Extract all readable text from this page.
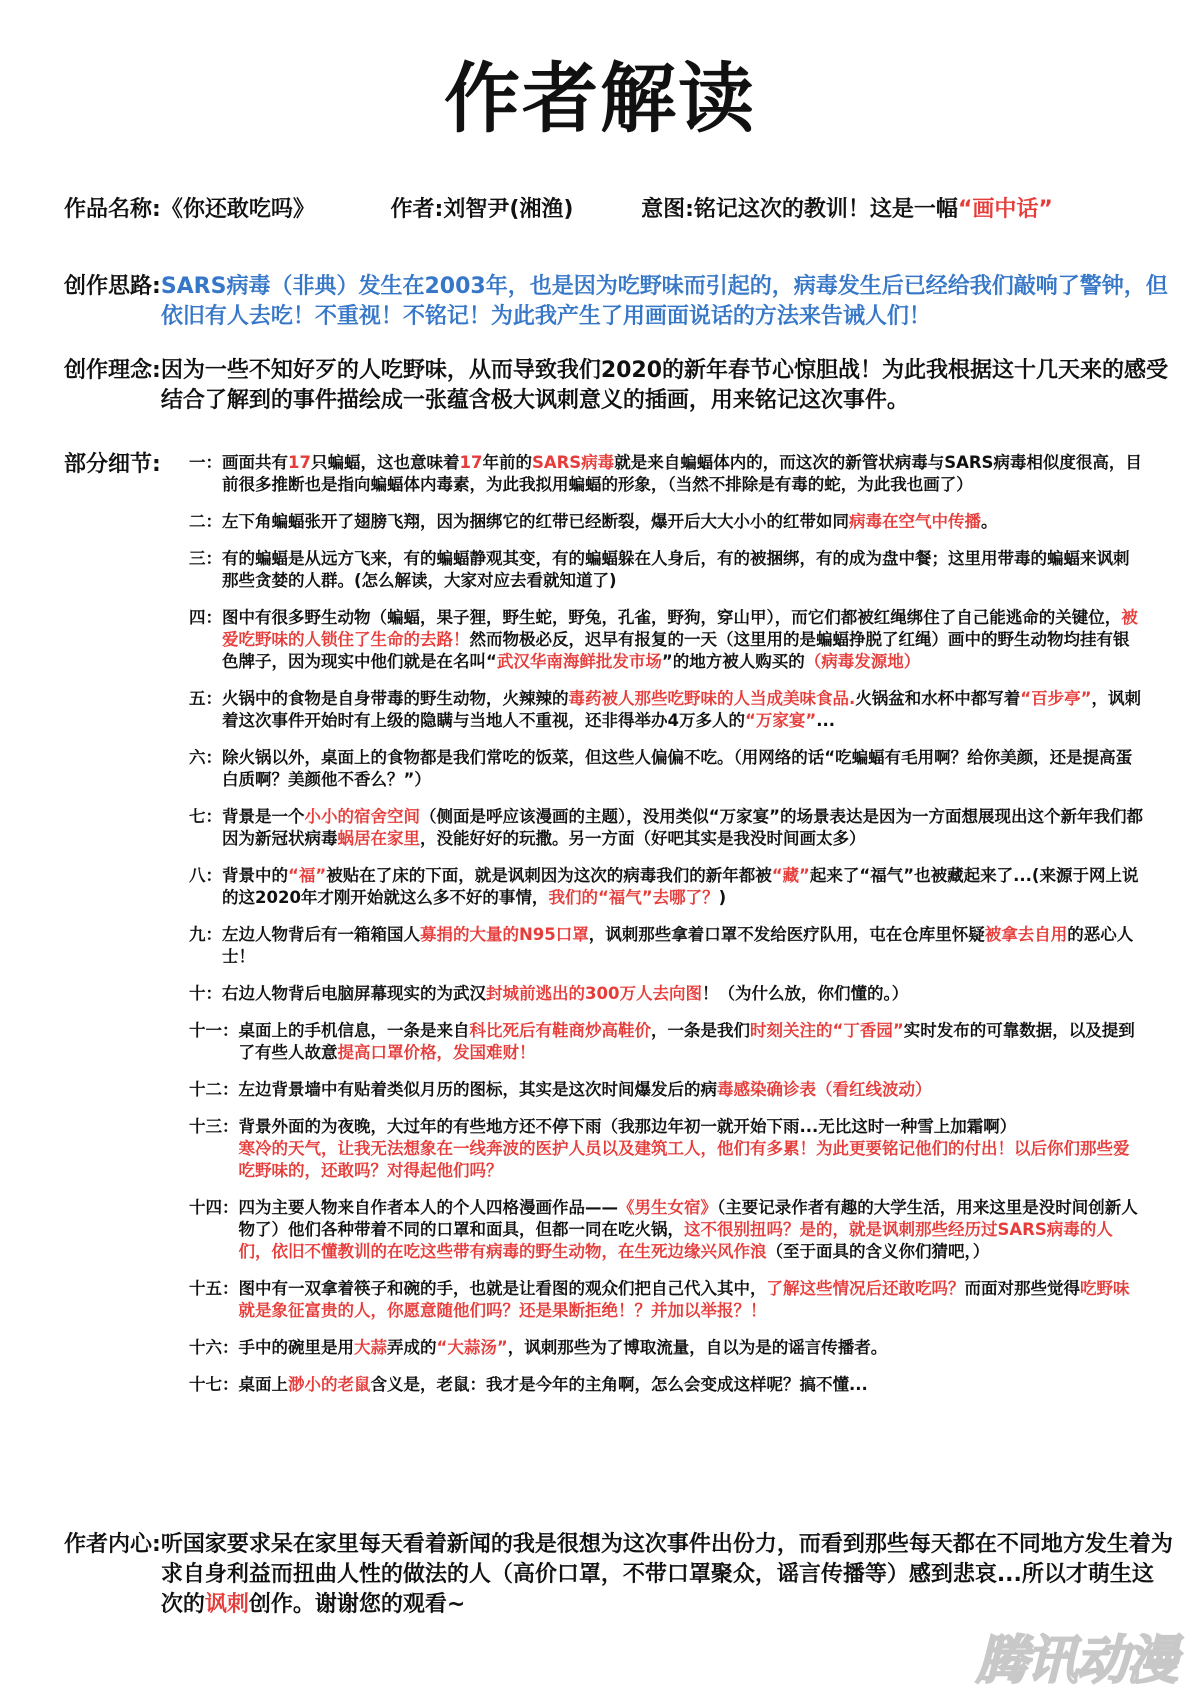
作者解读
作品名称:《你还敢吃吗》	作者:刘智尹(湘渔)	意图:铭记这次的教训！这是一幅“画中话”
创作思路: SARS病毒（非典）发生在2003年，也是因为吃野味而引起的，病毒发生后已经给我们敲响了警钟，但依旧有人去吃！不重视！不铭记！为此我产生了用画面说话的方法来告诫人们！
创作理念: 因为一些不知好歹的人吃野味，从而导致我们2020的新年春节心惊胆战！为此我根据这十几天来的感受结合了解到的事件描绘成一张蕴含极大讽刺意义的插画，用来铭记这次事件。
部分细节:	一： 画面共有17只蝙蝠，这也意味着17年前的SARS病毒就是来自蝙蝠体内的，而这次的新管状病毒与SARS病毒相似度很高，目前很多推断也是指向蝙蝠体内毒素，为此我拟用蝙蝠的形象，（当然不排除是有毒的蛇，为此我也画了）
二： 左下角蝙蝠张开了翅膀飞翔，因为捆绑它的红带已经断裂，爆开后大大小小的红带如同病毒在空气中传播。
三： 有的蝙蝠是从远方飞来，有的蝙蝠静观其变，有的蝙蝠躲在人身后，有的被捆绑，有的成为盘中餐；这里用带毒的蝙蝠来讽刺那些贪婪的人群。(怎么解读，大家对应去看就知道了)
四： 图中有很多野生动物（蝙蝠，果子狸，野生蛇，野兔，孔雀，野狗，穿山甲），而它们都被红绳绑住了自己能逃命的关键位，被爱吃野味的人锁住了生命的去路！然而物极必反，迟早有报复的一天（这里用的是蝙蝠挣脱了红绳）画中的野生动物均挂有银色牌子，因为现实中他们就是在名叫“武汉华南海鲜批发市场”的地方被人购买的（病毒发源地）
五： 火锅中的食物是自身带毒的野生动物，火辣辣的毒药被人那些吃野味的人当成美味食品.火锅盆和水杯中都写着“百步亭”，讽刺着这次事件开始时有上级的隐瞒与当地人不重视，还非得举办4万多人的“万家宴”...
六： 除火锅以外，桌面上的食物都是我们常吃的饭菜，但这些人偏偏不吃。（用网络的话“吃蝙蝠有毛用啊？给你美颜，还是提高蛋白质啊？美颜他不香么？”）
七： 背景是一个小小的宿舍空间（侧面是呼应该漫画的主题），没用类似“万家宴”的场景表达是因为一方面想展现出这个新年我们都因为新冠状病毒蜗居在家里，没能好好的玩撒。另一方面（好吧其实是我没时间画太多）
八： 背景中的“福”被贴在了床的下面，就是讽刺因为这次的病毒我们的新年都被“藏”起来了“福气”也被藏起来了...(来源于网上说的这2020年才刚开始就这么多不好的事情，我们的“福气”去哪了？)
九： 左边人物背后有一箱箱国人募捐的大量的N95口罩，讽刺那些拿着口罩不发给医疗队用，屯在仓库里怀疑被拿去自用的恶心人士！
十： 右边人物背后电脑屏幕现实的为武汉封城前逃出的300万人去向图！（为什么放，你们懂的。）
十一： 桌面上的手机信息，一条是来自科比死后有鞋商炒高鞋价，一条是我们时刻关注的“丁香园”实时发布的可靠数据，以及提到了有些人故意提高口罩价格，发国难财！
十二： 左边背景墙中有贴着类似月历的图标，其实是这次时间爆发后的病毒感染确诊表（看红线波动）
十三： 背景外面的为夜晚，大过年的有些地方还不停下雨（我那边年初一就开始下雨...无比这时一种雪上加霜啊）
寒冷的天气，让我无法想象在一线奔波的医护人员以及建筑工人，他们有多累！为此更要铭记他们的付出！以后你们那些爱吃野味的，还敢吗？对得起他们吗？
十四： 四为主要人物来自作者本人的个人四格漫画作品——《男生女宿》（主要记录作者有趣的大学生活，用来这里是没时间创新人物了）他们各种带着不同的口罩和面具，但都一同在吃火锅，这不很别扭吗？是的，就是讽刺那些经历过SARS病毒的人们，依旧不懂教训的在吃这些带有病毒的野生动物，在生死边缘兴风作浪（至于面具的含义你们猜吧，）
十五： 图中有一双拿着筷子和碗的手，也就是让看图的观众们把自己代入其中，了解这些情况后还敢吃吗？而面对那些觉得吃野味就是象征富贵的人，你愿意随他们吗？还是果断拒绝！？并加以举报？！
十六： 手中的碗里是用大蒜弄成的“大蒜汤”，讽刺那些为了博取流量，自以为是的谣言传播者。
十七： 桌面上渺小的老鼠含义是，老鼠：我才是今年的主角啊，怎么会变成这样呢？搞不懂...
作者内心: 听国家要求呆在家里每天看着新闻的我是很想为这次事件出份力，而看到那些每天都在不同地方发生着为求自身利益而扭曲人性的做法的人（高价口罩，不带口罩聚众，谣言传播等）感到悲哀...所以才萌生这次的讽刺创作。谢谢您的观看~
腾讯动漫
